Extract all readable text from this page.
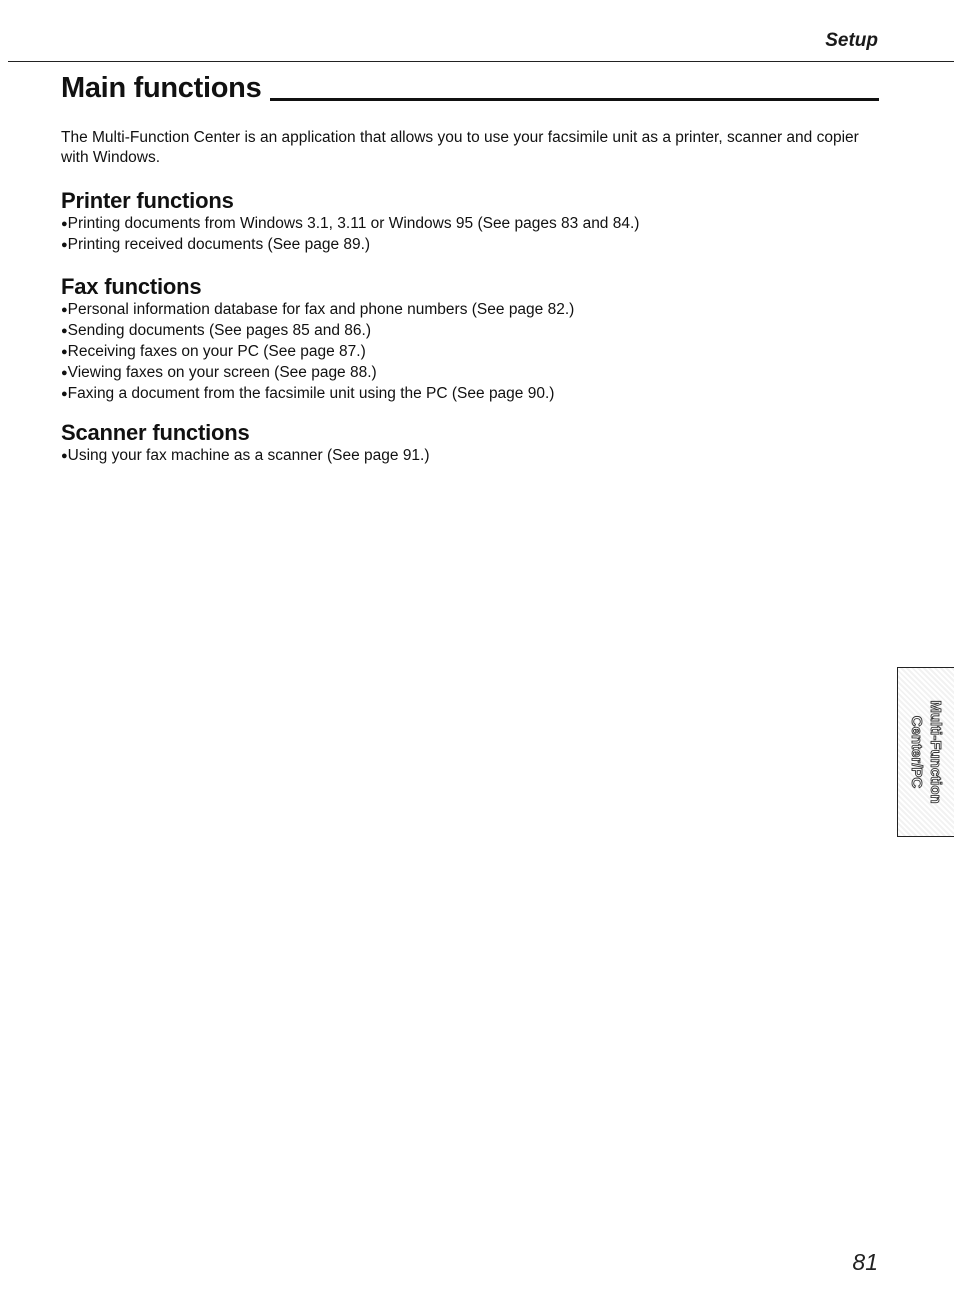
Setup
Main functions

The Multi-Function Center is an application that allows you to use your facsimile unit as a printer, scanner and copier with Windows.

Printer functions
●Printing documents from Windows 3.1, 3.11 or Windows 95 (See pages 83 and 84.)
●Printing received documents (See page 89.)
Fax functions
●Personal information database for fax and phone numbers (See page 82.)
●Sending documents (See pages 85 and 86.)
●Receiving faxes on your PC (See page 87.)
●Viewing faxes on your screen (See page 88.)
●Faxing a document from the facsimile unit using the PC (See page 90.)
Scanner functions
●Using your fax machine as a scanner (See page 91.)
Multi-Function
Center/PC
81
